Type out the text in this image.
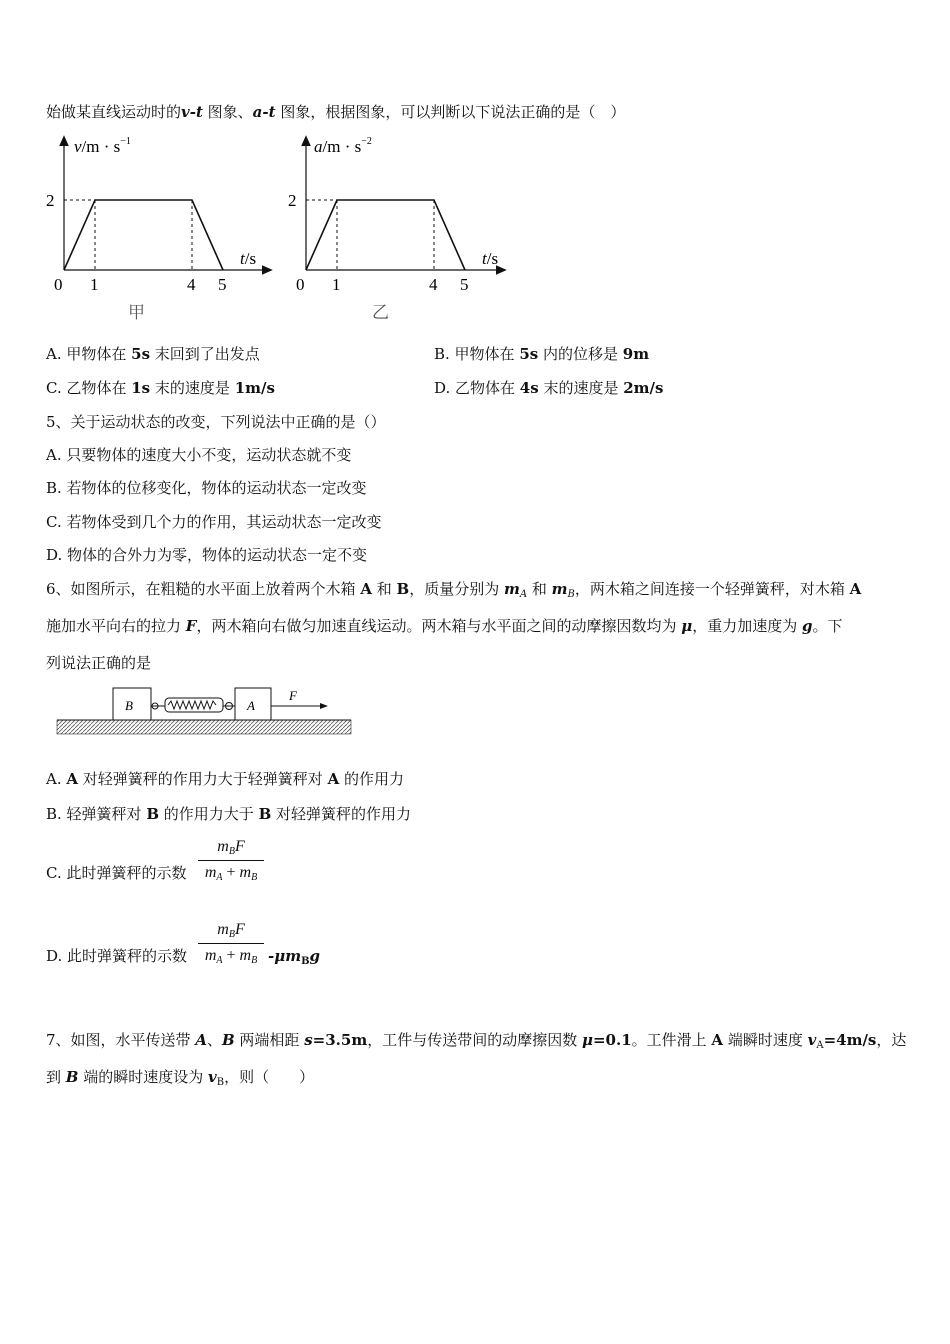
始做某直线运动时的v-t 图象、a-t 图象，根据图象，可以判断以下说法正确的是（　）
$v/m \cdot s^{-1}$
2
t/s
0 1	4 5
甲
$a/m \cdot s^{-2}$
2
t/s
0 1	4 5
乙
A. 甲物体在 5s 末回到了出发点	B. 甲物体在 5s 内的位移是 9m
C. 乙物体在 1s 末的速度是 1m/s	D. 乙物体在 4s 末的速度是 2m/s
5、关于运动状态的改变，下列说法中正确的是（）
A. 只要物体的速度大小不变，运动状态就不变
B. 若物体的位移变化，物体的运动状态一定改变
C. 若物体受到几个力的作用，其运动状态一定改变
D. 物体的合外力为零，物体的运动状态一定不变
6、如图所示，在粗糙的水平面上放着两个木箱 A 和 B，质量分别为 $m_A$ 和 $m_B$，两木箱之间连接一个轻弹簧秤，对木箱 A
施加水平向右的拉力 F，两木箱向右做匀加速直线运动。两木箱与水平面之间的动摩擦因数均为 μ，重力加速度为 g。下
列说法正确的是
B	A
F
A. A 对轻弹簧秤的作用力大于轻弹簧秤对 A 的作用力
B. 轻弹簧秤对 B 的作用力大于 B 对轻弹簧秤的作用力
C. 此时弹簧秤的示数
$m_BF$
$m_A + m_B$
D. 此时弹簧秤的示数
$m_BF$
$m_A + m_B$ $-\mu m_Bg$
7、如图，水平传送带 A、B 两端相距 s=3.5m，工件与传送带间的动摩擦因数 μ=0.1。工件滑上 A 端瞬时速度 $v_A=4m/s$，达
到 B 端的瞬时速度设为 $v_B$，则（　　）
